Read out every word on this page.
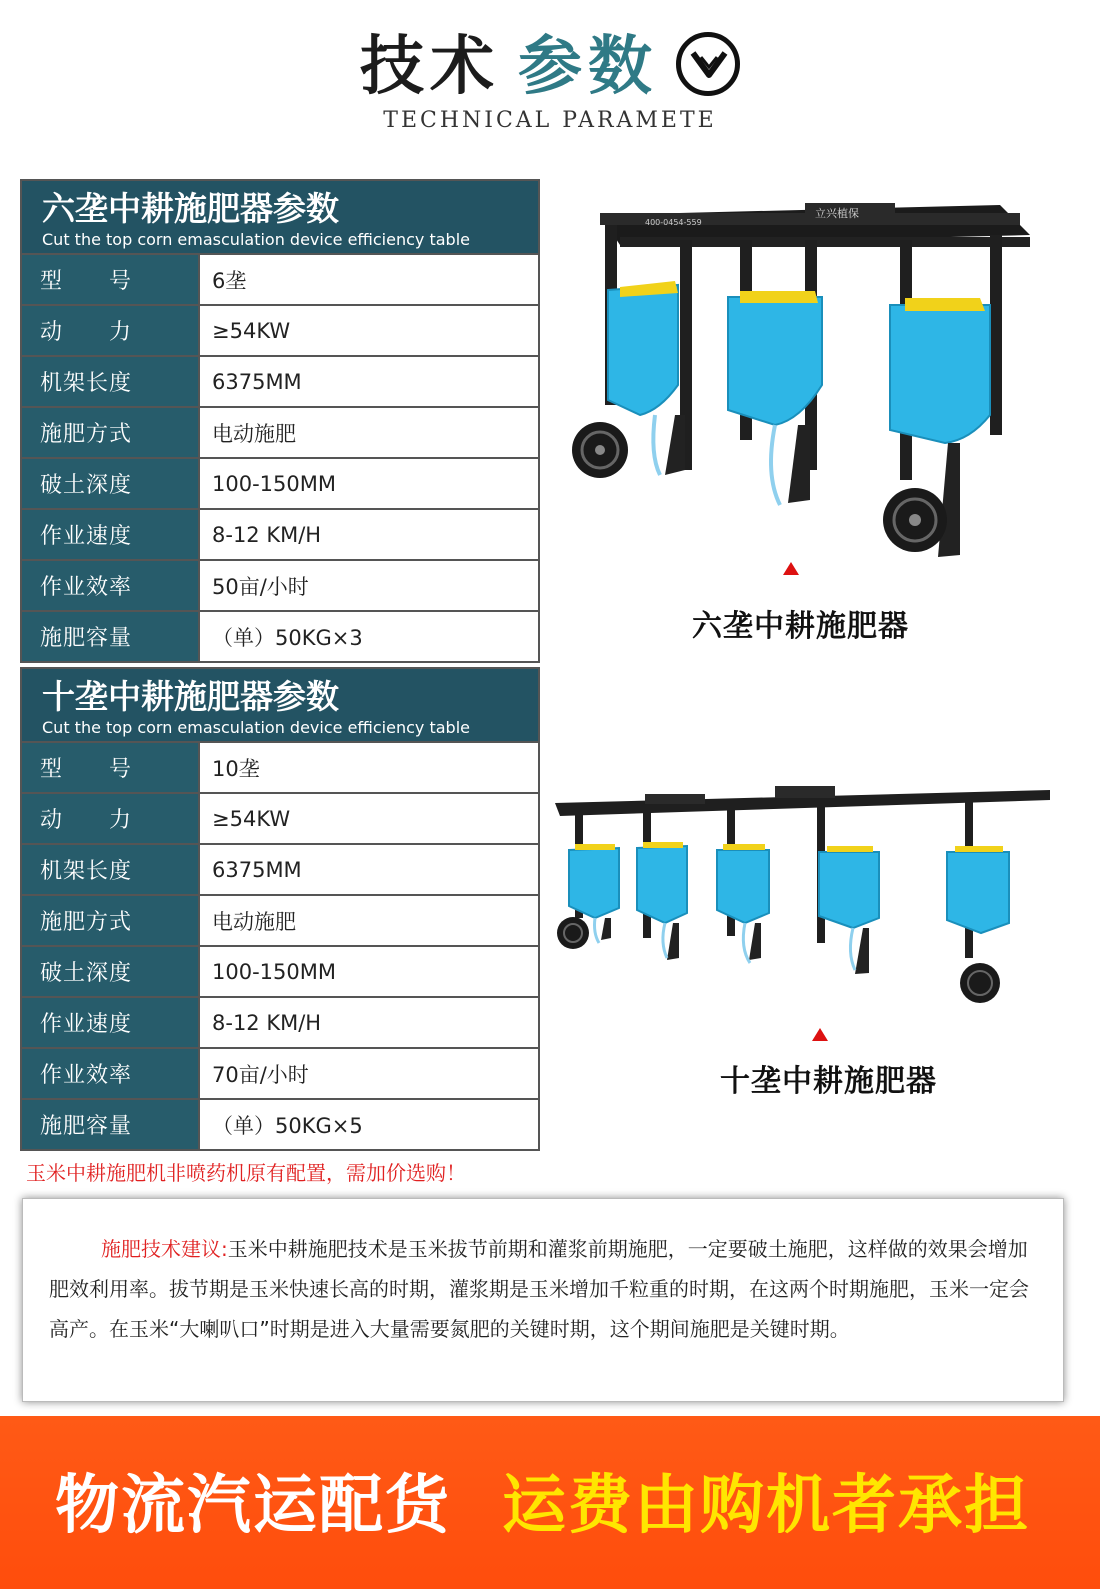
技术 参数
TECHNICAL PARAMETE
六垄中耕施肥器参数
Cut the top corn emasculation device efficiency table
型　　号	6垄
动　　力	≥54KW
机架长度	6375MM
施肥方式	电动施肥
破土深度	100-150MM
作业速度	8-12 KM/H
作业效率	50亩/小时
施肥容量	（单）50KG×3
十垄中耕施肥器参数
Cut the top corn emasculation device efficiency table
型　　号	10垄
动　　力	≥54KW
机架长度	6375MM
施肥方式	电动施肥
破土深度	100-150MM
作业速度	8-12 KM/H
作业效率	70亩/小时
施肥容量	（单）50KG×5
立兴植保
400-0454-559
六垄中耕施肥器
十垄中耕施肥器
玉米中耕施肥机非喷药机原有配置，需加价选购！

施肥技术建议:玉米中耕施肥技术是玉米拔节前期和灌浆前期施肥，一定要破土施肥，这样做的效果会增加肥效利用率。拔节期是玉米快速长高的时期，灌浆期是玉米增加千粒重的时期，在这两个时期施肥，玉米一定会高产。在玉米“大喇叭口”时期是进入大量需要氮肥的关键时期，这个期间施肥是关键时期。

物流汽运配货 运费由购机者承担
